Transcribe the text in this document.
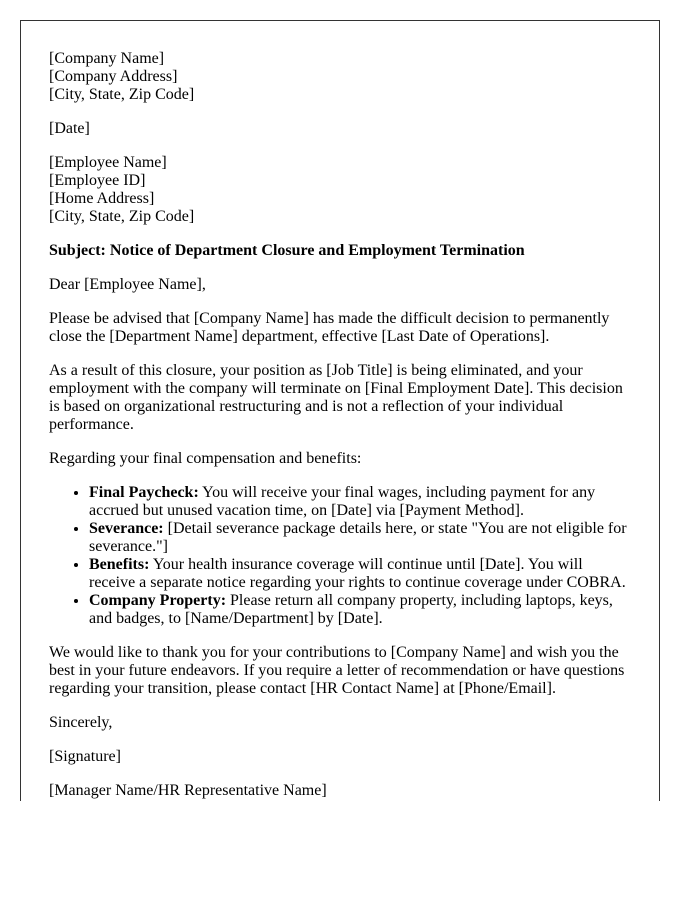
[Company Name]
[Company Address]
[City, State, Zip Code]

[Date]

[Employee Name]
[Employee ID]
[Home Address]
[City, State, Zip Code]

Subject: Notice of Department Closure and Employment Termination

Dear [Employee Name],

Please be advised that [Company Name] has made the difficult decision to permanently close the [Department Name] department, effective [Last Date of Operations].

As a result of this closure, your position as [Job Title] is being eliminated, and your employment with the company will terminate on [Final Employment Date]. This decision is based on organizational restructuring and is not a reflection of your individual performance.

Regarding your final compensation and benefits:

• Final Paycheck: You will receive your final wages, including payment for any accrued but unused vacation time, on [Date] via [Payment Method].
• Severance: [Detail severance package details here, or state "You are not eligible for severance."]
• Benefits: Your health insurance coverage will continue until [Date]. You will receive a separate notice regarding your rights to continue coverage under COBRA.
• Company Property: Please return all company property, including laptops, keys, and badges, to [Name/Department] by [Date].

We would like to thank you for your contributions to [Company Name] and wish you the best in your future endeavors. If you require a letter of recommendation or have questions regarding your transition, please contact [HR Contact Name] at [Phone/Email].

Sincerely,

[Signature]

[Manager Name/HR Representative Name]
